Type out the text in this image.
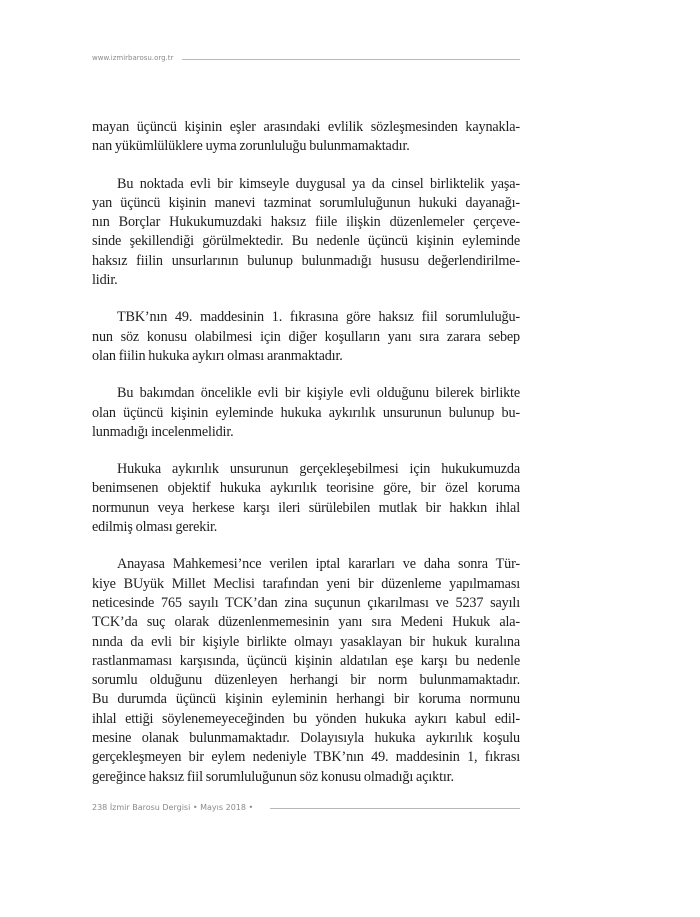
www.izmirbarosu.org.tr

mayan üçüncü kişinin eşler arasındaki evlilik sözleşmesinden kaynakla-
nan yükümlülüklere uyma zorunluluğu bulunmamaktadır.

Bu noktada evli bir kimseyle duygusal ya da cinsel birliktelik yaşa-
yan üçüncü kişinin manevi tazminat sorumluluğunun hukuki dayanağı-
nın Borçlar Hukukumuzdaki haksız fiile ilişkin düzenlemeler çerçeve-
sinde şekillendiği görülmektedir. Bu nedenle üçüncü kişinin eyleminde
haksız fiilin unsurlarının bulunup bulunmadığı hususu değerlendirilme-
lidir.

TBK’nın 49. maddesinin 1. fıkrasına göre haksız fiil sorumluluğu-
nun söz konusu olabilmesi için diğer koşulların yanı sıra zarara sebep
olan fiilin hukuka aykırı olması aranmaktadır.

Bu bakımdan öncelikle evli bir kişiyle evli olduğunu bilerek birlikte
olan üçüncü kişinin eyleminde hukuka aykırılık unsurunun bulunup bu-
lunmadığı incelenmelidir.

Hukuka aykırılık unsurunun gerçekleşebilmesi için hukukumuzda
benimsenen objektif hukuka aykırılık teorisine göre, bir özel koruma
normunun veya herkese karşı ileri sürülebilen mutlak bir hakkın ihlal
edilmiş olması gerekir.

Anayasa Mahkemesi’nce verilen iptal kararları ve daha sonra Tür-
kiye BUyük Millet Meclisi tarafından yeni bir düzenleme yapılmaması
neticesinde 765 sayılı TCK’dan zina suçunun çıkarılması ve 5237 sayılı
TCK’da suç olarak düzenlenmemesinin yanı sıra Medeni Hukuk ala-
nında da evli bir kişiyle birlikte olmayı yasaklayan bir hukuk kuralına
rastlanmaması karşısında, üçüncü kişinin aldatılan eşe karşı bu nedenle
sorumlu olduğunu düzenleyen herhangi bir norm bulunmamaktadır.
Bu durumda üçüncü kişinin eyleminin herhangi bir koruma normunu
ihlal ettiği söylenemeyeceğinden bu yönden hukuka aykırı kabul edil-
mesine olanak bulunmamaktadır. Dolayısıyla hukuka aykırılık koşulu
gerçekleşmeyen bir eylem nedeniyle TBK’nın 49. maddesinin 1, fıkrası
gereğince haksız fiil sorumluluğunun söz konusu olmadığı açıktır.

238 İzmir Barosu Dergisi • Mayıs 2018 •
